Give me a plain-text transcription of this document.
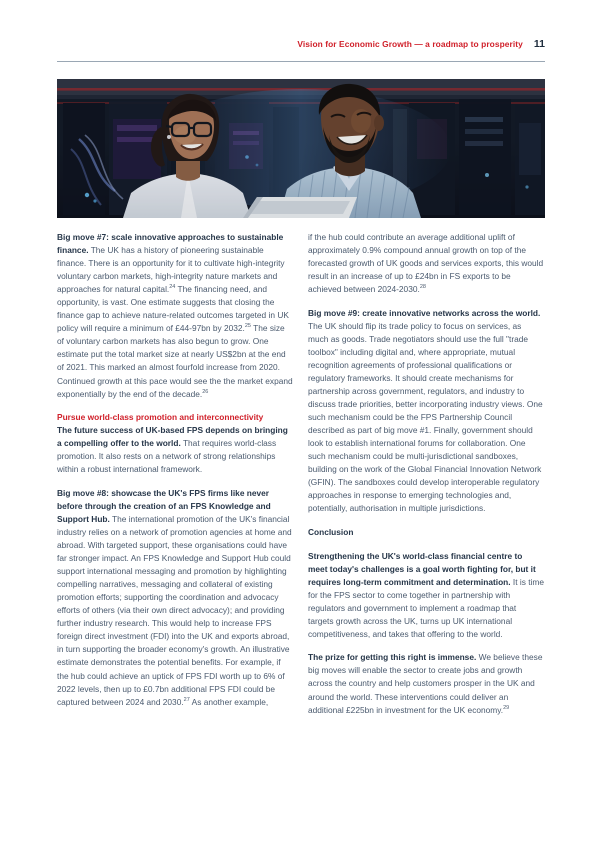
Vision for Economic Growth — a roadmap to prosperity 11

Big move #7: scale innovative approaches to sustainable finance. The UK has a history of pioneering sustainable finance. There is an opportunity for it to cultivate high-integrity voluntary carbon markets, high-integrity nature markets and approaches for natural capital.$^{24}$ The financing need, and opportunity, is vast. One estimate suggests that closing the finance gap to achieve nature-related outcomes targeted in UK policy will require a minimum of £44-97bn by 2032.25 The size of voluntary carbon markets has also begun to grow. One estimate put the total market size at nearly US$2bn at the end of 2021. This marked an almost fourfold increase from 2020. Continued growth at this pace would see the the market expand exponentially by the end of the decade.$^{26}$

Pursue world-class promotion and interconnectivity

The future success of UK-based FPS depends on bringing a compelling offer to the world. That requires world-class promotion. It also rests on a network of strong relationships within a robust international framework.

Big move #8: showcase the UK's FPS firms like never before through the creation of an FPS Knowledge and Support Hub. The international promotion of the UK's financial industry relies on a network of promotion agencies at home and abroad. With targeted support, these organisations could have far stronger impact. An FPS Knowledge and Support Hub could support international messaging and promotion by highlighting compelling narratives, messaging and collateral of existing promotion efforts; supporting the coordination and advocacy efforts of others (via their own direct advocacy); and providing further industry research. This would help to increase FPS foreign direct investment (FDI) into the UK and exports abroad, in turn supporting the broader economy's growth. An illustrative estimate demonstrates the potential benefits. For example, if the hub could achieve an uptick of FPS FDI worth up to 6% of 2022 levels, then up to £0.7bn additional FPS FDI could be captured between 2024 and 2030.27 As another example,

if the hub could contribute an average additional uplift of approximately 0.9% compound annual growth on top of the forecasted growth of UK goods and services exports, this would result in an increase of up to £24bn in FS exports to be achieved between 2024-2030.28

Big move #9: create innovative networks across the world. The UK should flip its trade policy to focus on services, as much as goods. Trade negotiators should use the full "trade toolbox" including digital and, where appropriate, mutual recognition agreements of professional qualifications or regulatory frameworks. It should create mechanisms for partnership across government, regulators, and industry to discuss trade priorities, better incorporating industry views. One such mechanism could be the FPS Partnership Council described as part of big move #1. Finally, government should look to establish international forums for collaboration. One such mechanism could be multi-jurisdictional sandboxes, building on the work of the Global Financial Innovation Network (GFIN). The sandboxes could develop interoperable regulatory approaches in response to emerging technologies and, potentially, authorisation in multiple jurisdictions.

Conclusion

Strengthening the UK's world-class financial centre to meet today's challenges is a goal worth fighting for, but it requires long-term commitment and determination. It is time for the FPS sector to come together in partnership with regulators and government to implement a roadmap that targets growth across the UK, turns up UK international competitiveness, and takes that offering to the world.

The prize for getting this right is immense. We believe these big moves will enable the sector to create jobs and growth across the country and help customers prosper in the UK and around the world. These interventions could deliver an additional £225bn in investment for the UK economy.$^{29}$
